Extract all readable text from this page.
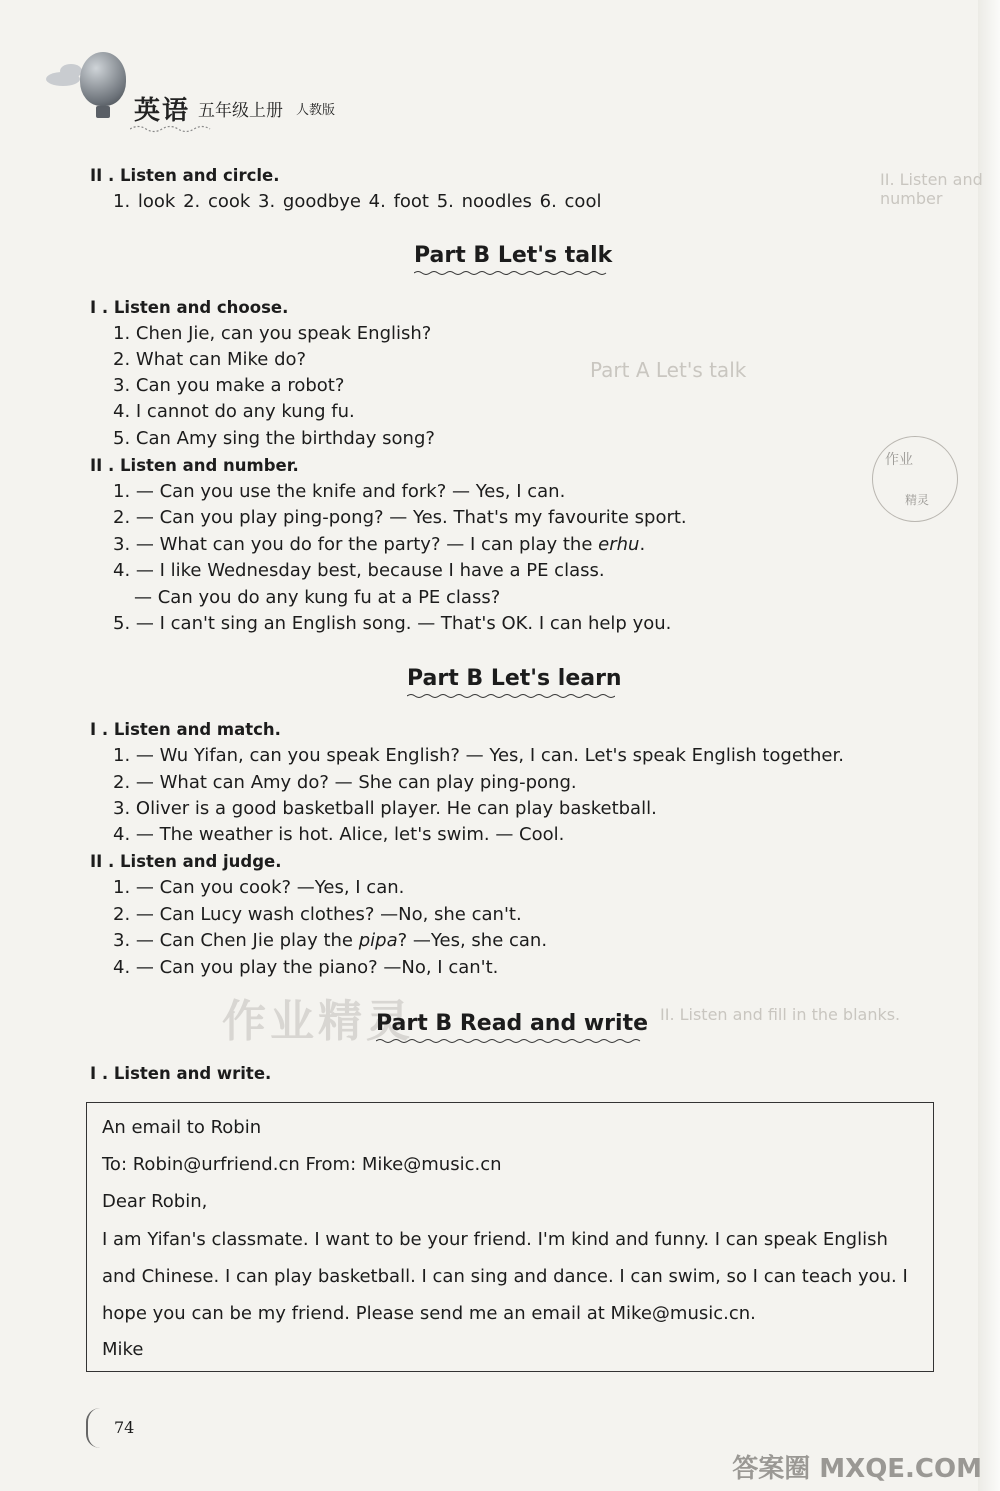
英语 五年级上册 人教版
II. Listen and number
Part A Let's talk
II. Listen and fill in the blanks.
II . Listen and circle.
1. look 2. cook 3. goodbye 4. foot 5. noodles 6. cool
Part B Let's talk
I . Listen and choose.
1. Chen Jie, can you speak English?
2. What can Mike do?
3. Can you make a robot?
4. I cannot do any kung fu.
5. Can Amy sing the birthday song?
II . Listen and number.
1. — Can you use the knife and fork? — Yes, I can.
2. — Can you play ping-pong? — Yes. That's my favourite sport.
3. — What can you do for the party? — I can play the erhu.
4. — I like Wednesday best, because I have a PE class.
— Can you do any kung fu at a PE class?
5. — I can't sing an English song. — That's OK. I can help you.
作业
精灵
Part B Let's learn
I . Listen and match.
1. — Wu Yifan, can you speak English? — Yes, I can. Let's speak English together.
2. — What can Amy do? — She can play ping-pong.
3. Oliver is a good basketball player. He can play basketball.
4. — The weather is hot. Alice, let's swim. — Cool.
II . Listen and judge.
1. — Can you cook? —Yes, I can.
2. — Can Lucy wash clothes? —No, she can't.
3. — Can Chen Jie play the pipa? —Yes, she can.
4. — Can you play the piano? —No, I can't.
作业精灵
Part B Read and write
I . Listen and write.
An email to Robin
To: Robin@urfriend.cn From: Mike@music.cn
Dear Robin,
I am Yifan's classmate. I want to be your friend. I'm kind and funny. I can speak English
and Chinese. I can play basketball. I can sing and dance. I can swim, so I can teach you. I
hope you can be my friend. Please send me an email at Mike@music.cn.
Mike
74
答案圈 MXQE.COM
